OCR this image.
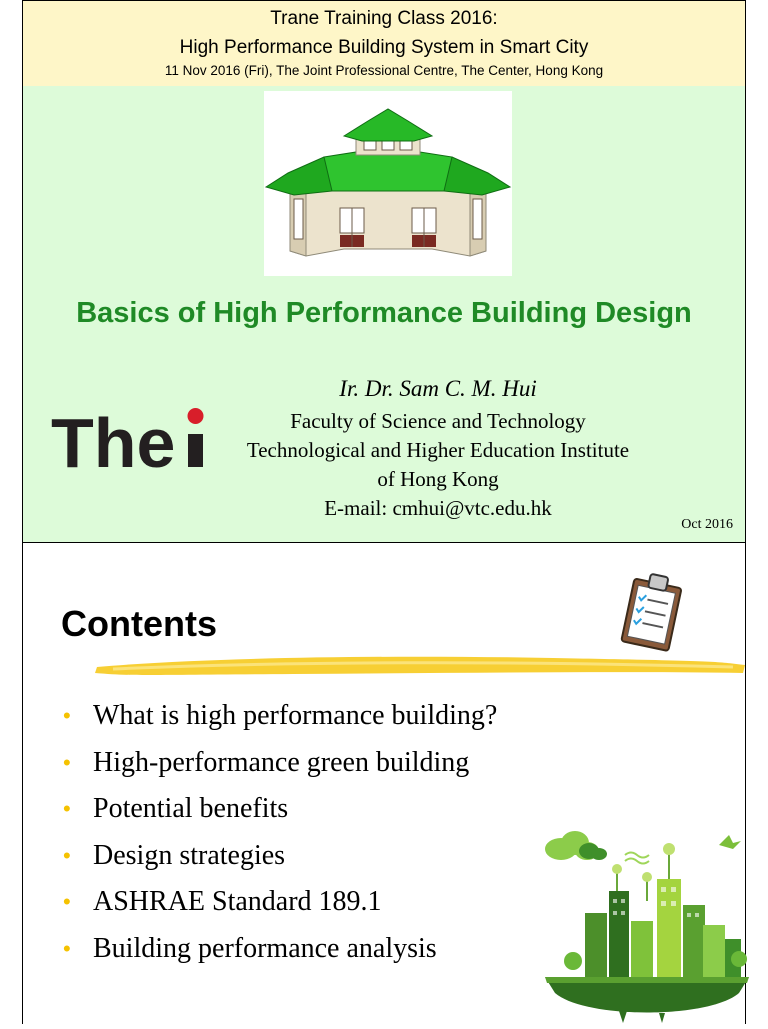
Trane Training Class 2016:
High Performance Building System in Smart City
11 Nov 2016 (Fri), The Joint Professional Centre, The Center, Hong Kong
Basics of High Performance Building Design
The
Ir. Dr. Sam C. M. Hui
Faculty of Science and Technology
Technological and Higher Education Institute
of Hong Kong
E-mail: cmhui@vtc.edu.hk
Oct 2016
Contents
• What is high performance building?
• High-performance green building
• Potential benefits
• Design strategies
• ASHRAE Standard 189.1
• Building performance analysis
